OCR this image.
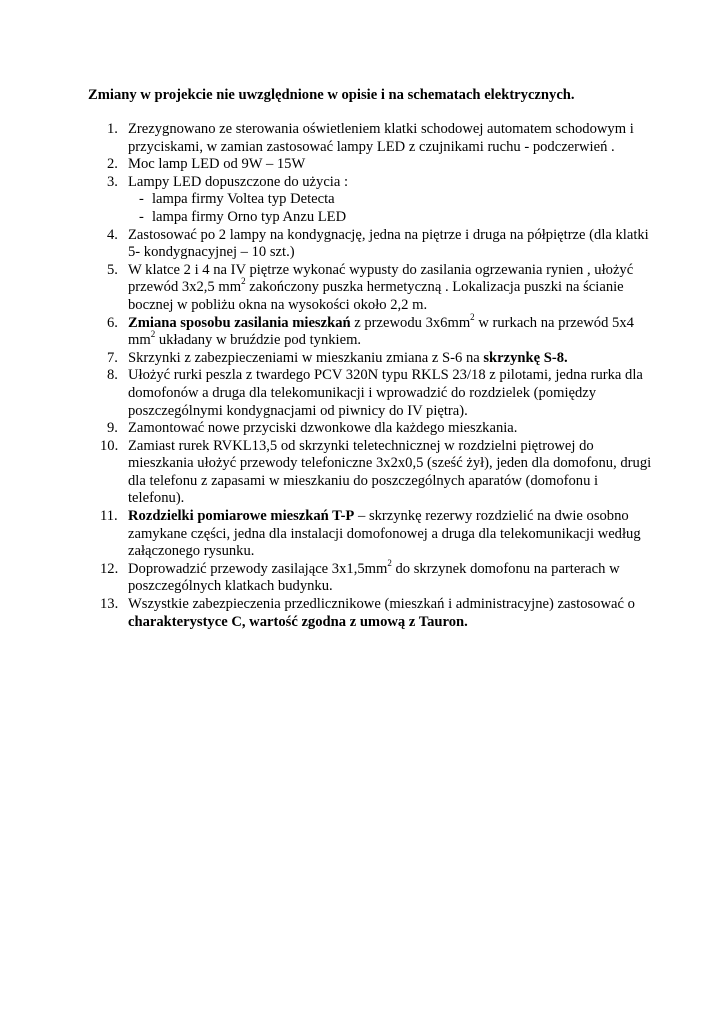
Zmiany w projekcie nie uwzględnione w opisie i na schematach elektrycznych.
1. Zrezygnowano ze sterowania oświetleniem klatki schodowej automatem schodowym i przyciskami, w zamian zastosować lampy LED z czujnikami ruchu - podczerwień .
2. Moc lamp LED od 9W – 15W
3. Lampy LED dopuszczone do użycia :
- lampa firmy Voltea typ Detecta
- lampa firmy Orno typ Anzu LED
4. Zastosować po 2 lampy na kondygnację, jedna na piętrze i druga na półpiętrze (dla klatki 5- kondygnacyjnej – 10 szt.)
5. W klatce 2 i 4 na IV piętrze wykonać wypusty do zasilania ogrzewania rynien , ułożyć przewód 3x2,5 $mm^2$ zakończony puszka hermetyczną . Lokalizacja puszki na ścianie bocznej w pobliżu okna na wysokości około 2,2 m.
6. Zmiana sposobu zasilania mieszkań z przewodu $3x6mm^2$ w rurkach na przewód 5x4 $mm^2$ układany w bruździe pod tynkiem.
7. Skrzynki z zabezpieczeniami w mieszkaniu zmiana z S-6 na skrzynkę S-8.
8. Ułożyć rurki peszla z twardego PCV 320N typu RKLS 23/18 z pilotami, jedna rurka dla domofonów a druga dla telekomunikacji i wprowadzić do rozdzielek (pomiędzy poszczególnymi kondygnacjami od piwnicy do IV piętra).
9. Zamontować nowe przyciski dzwonkowe dla każdego mieszkania.
10. Zamiast rurek RVKL13,5 od skrzynki teletechnicznej w rozdzielni piętrowej do mieszkania ułożyć przewody telefoniczne 3x2x0,5 (sześć żył), jeden dla domofonu, drugi dla telefonu z zapasami w mieszkaniu do poszczególnych aparatów (domofonu i telefonu).
11. Rozdzielki pomiarowe mieszkań T-P – skrzynkę rezerwy rozdzielić na dwie osobno zamykane części, jedna dla instalacji domofonowej a druga dla telekomunikacji według załączonego rysunku.
12. Doprowadzić przewody zasilające $3x1,5mm^2$ do skrzynek domofonu na parterach w poszczególnych klatkach budynku.
13. Wszystkie zabezpieczenia przedlicznikowe (mieszkań i administracyjne) zastosować o charakterystyce C, wartość zgodna z umową z Tauron.
